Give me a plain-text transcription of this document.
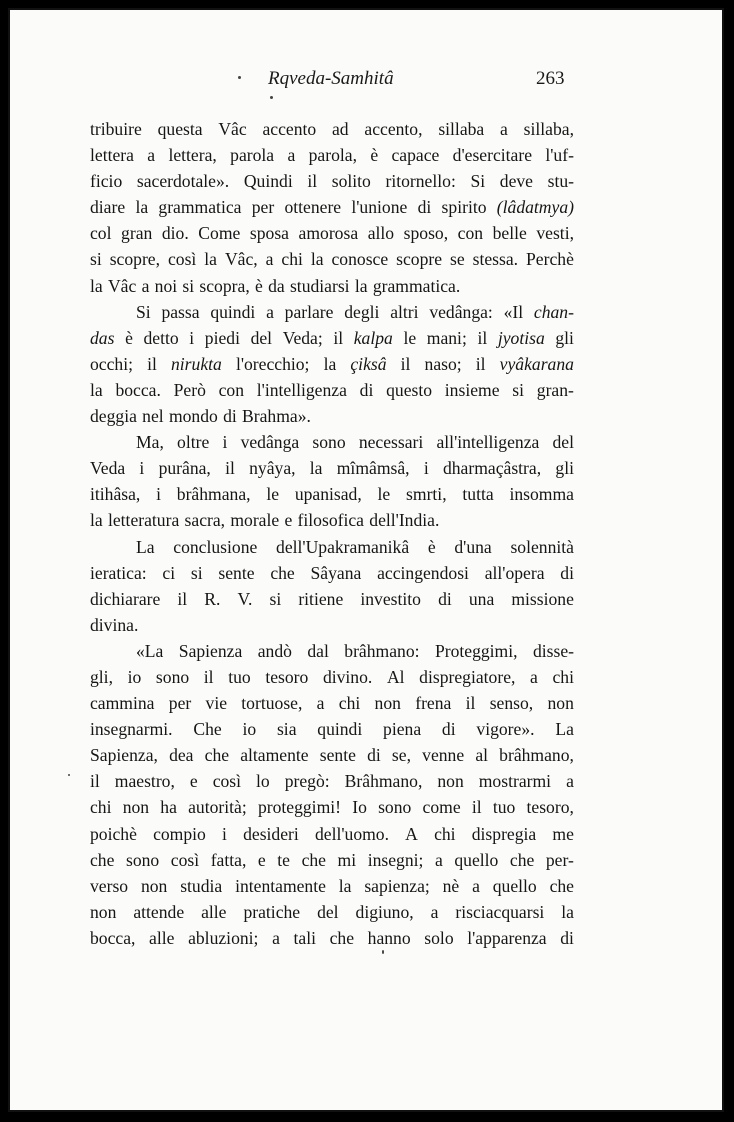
Rqveda-Samhitâ	263
tribuire questa Vâc accento ad accento, sillaba a sillaba,
lettera a lettera, parola a parola, è capace d'esercitare l'uf-
ficio sacerdotale». Quindi il solito ritornello: Si deve stu-
diare la grammatica per ottenere l'unione di spirito (lâdatmya)
col gran dio. Come sposa amorosa allo sposo, con belle vesti,
si scopre, così la Vâc, a chi la conosce scopre se stessa. Perchè
la Vâc a noi si scopra, è da studiarsi la grammatica.
Si passa quindi a parlare degli altri vedânga: «Il chan-
das è detto i piedi del Veda; il kalpa le mani; il jyotisa gli
occhi; il nirukta l'orecchio; la çiksâ il naso; il vyâkarana
la bocca. Però con l'intelligenza di questo insieme si gran-
deggia nel mondo di Brahma».
Ma, oltre i vedânga sono necessari all'intelligenza del
Veda i purâna, il nyâya, la mîmâmsâ, i dharmaçâstra, gli
itihâsa, i brâhmana, le upanisad, le smrti, tutta insomma
la letteratura sacra, morale e filosofica dell'India.
La conclusione dell'Upakramanikâ è d'una solennità
ieratica: ci si sente che Sâyana accingendosi all'opera di
dichiarare il R. V. si ritiene investito di una missione
divina.
«La Sapienza andò dal brâhmano: Proteggimi, disse-
gli, io sono il tuo tesoro divino. Al dispregiatore, a chi
cammina per vie tortuose, a chi non frena il senso, non
insegnarmi. Che io sia quindi piena di vigore». La
Sapienza, dea che altamente sente di se, venne al brâhmano,
il maestro, e così lo pregò: Brâhmano, non mostrarmi a
chi non ha autorità; proteggimi! Io sono come il tuo tesoro,
poichè compio i desideri dell'uomo. A chi dispregia me
che sono così fatta, e te che mi insegni; a quello che per-
verso non studia intentamente la sapienza; nè a quello che
non attende alle pratiche del digiuno, a risciacquarsi la
bocca, alle abluzioni; a tali che hanno solo l'apparenza di
